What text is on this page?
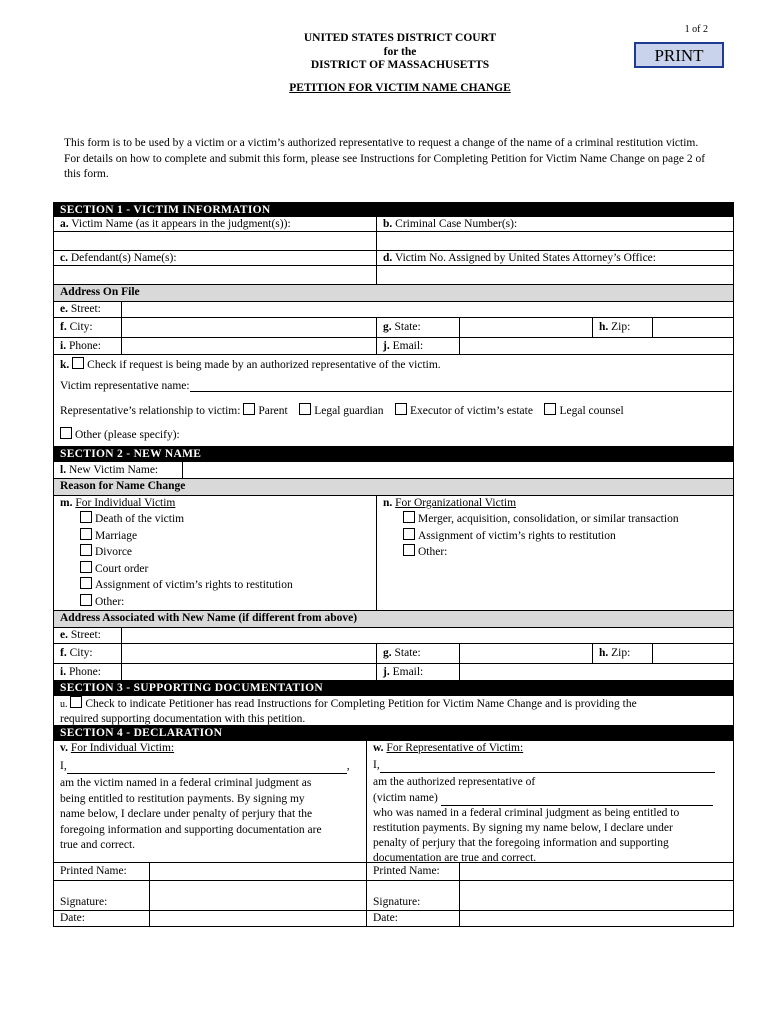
1 of 2
UNITED STATES DISTRICT COURT
for the
DISTRICT OF MASSACHUSETTS	PRINT
PETITION FOR VICTIM NAME CHANGE
This form is to be used by a victim or a victim’s authorized representative to request a change of the name of a criminal restitution victim. For details on how to complete and submit this form, please see Instructions for Completing Petition for Victim Name Change on page 2 of this form.
SECTION 1 - VICTIM INFORMATION
a. Victim Name (as it appears in the judgment(s)):	b. Criminal Case Number(s):
c. Defendant(s) Name(s):	d. Victim No. Assigned by United States Attorney’s Office:
Address On File
e. Street:
f. City:	g. State:	h. Zip:
i. Phone:	j. Email:
k. Check if request is being made by an authorized representative of the victim.
Victim representative name:
Representative’s relationship to victim: Parent Legal guardian Executor of victim’s estate Legal counsel
Other (please specify):
SECTION 2 - NEW NAME
l. New Victim Name:
Reason for Name Change
m. For Individual Victim
Death of the victim
Marriage
Divorce
Court order
Assignment of victim’s rights to restitution
Other:
n. For Organizational Victim
Merger, acquisition, consolidation, or similar transaction
Assignment of victim’s rights to restitution
Other:
Address Associated with New Name (if different from above)
e. Street:
f. City:	g. State:	h. Zip:
i. Phone:	j. Email:
SECTION 3 - SUPPORTING DOCUMENTATION
u. Check to indicate Petitioner has read Instructions for Completing Petition for Victim Name Change and is providing the
required supporting documentation with this petition.
SECTION 4 - DECLARATION
v. For Individual Victim:
I,	,
am the victim named in a federal criminal judgment as
being entitled to restitution payments. By signing my
name below, I declare under penalty of perjury that the
foregoing information and supporting documentation are
true and correct.
w. For Representative of Victim:
I,
am the authorized representative of
(victim name)
who was named in a federal criminal judgment as being entitled to
restitution payments. By signing my name below, I declare under
penalty of perjury that the foregoing information and supporting
documentation are true and correct.
Printed Name:	Printed Name:
Signature:	Signature:
Date:	Date:
